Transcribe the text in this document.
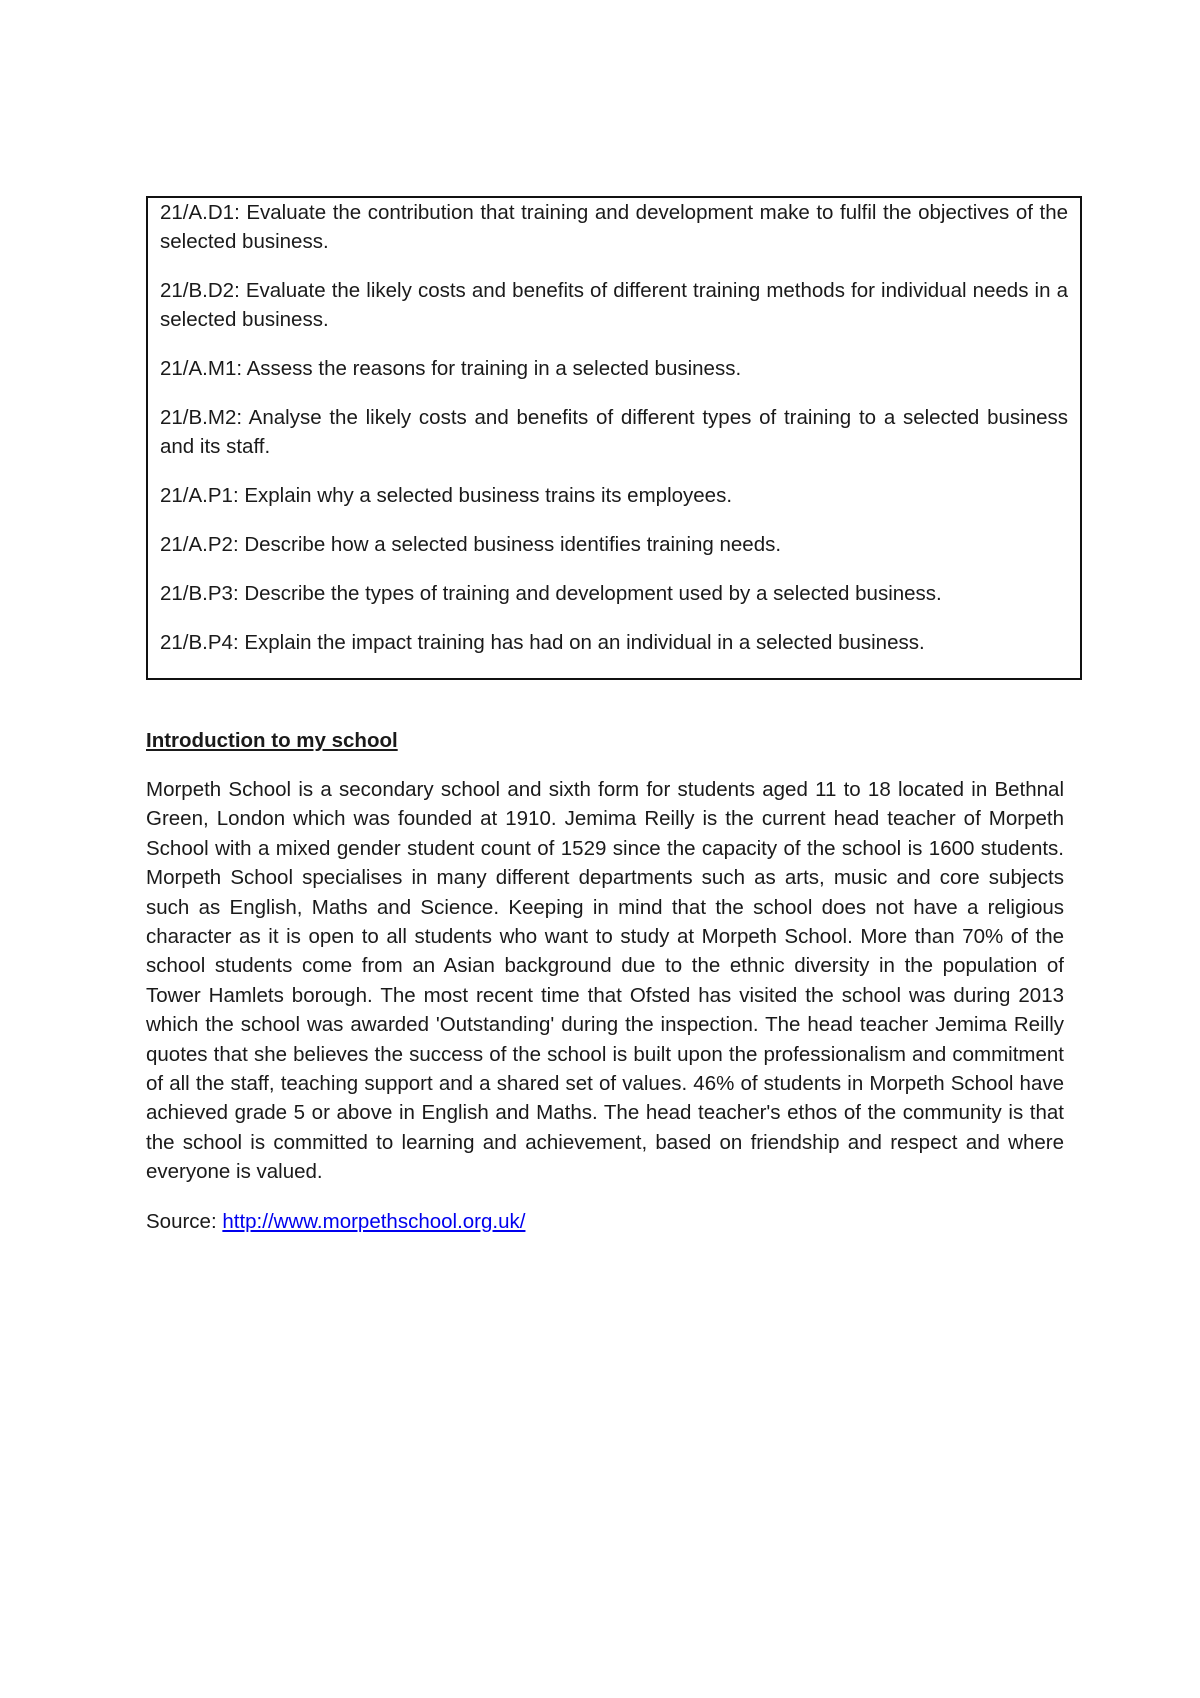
21/A.D1: Evaluate the contribution that training and development make to fulfil the objectives of the selected business.

21/B.D2: Evaluate the likely costs and benefits of different training methods for individual needs in a selected business.

21/A.M1: Assess the reasons for training in a selected business.

21/B.M2: Analyse the likely costs and benefits of different types of training to a selected business and its staff.

21/A.P1: Explain why a selected business trains its employees.

21/A.P2: Describe how a selected business identifies training needs.

21/B.P3: Describe the types of training and development used by a selected business.

21/B.P4: Explain the impact training has had on an individual in a selected business.

Introduction to my school

Morpeth School is a secondary school and sixth form for students aged 11 to 18 located in Bethnal Green, London which was founded at 1910. Jemima Reilly is the current head teacher of Morpeth School with a mixed gender student count of 1529 since the capacity of the school is 1600 students. Morpeth School specialises in many different departments such as arts, music and core subjects such as English, Maths and Science. Keeping in mind that the school does not have a religious character as it is open to all students who want to study at Morpeth School. More than 70% of the school students come from an Asian background due to the ethnic diversity in the population of Tower Hamlets borough. The most recent time that Ofsted has visited the school was during 2013 which the school was awarded 'Outstanding' during the inspection. The head teacher Jemima Reilly quotes that she believes the success of the school is built upon the professionalism and commitment of all the staff, teaching support and a shared set of values. 46% of students in Morpeth School have achieved grade 5 or above in English and Maths. The head teacher's ethos of the community is that the school is committed to learning and achievement, based on friendship and respect and where everyone is valued.

Source: http://www.morpethschool.org.uk/
